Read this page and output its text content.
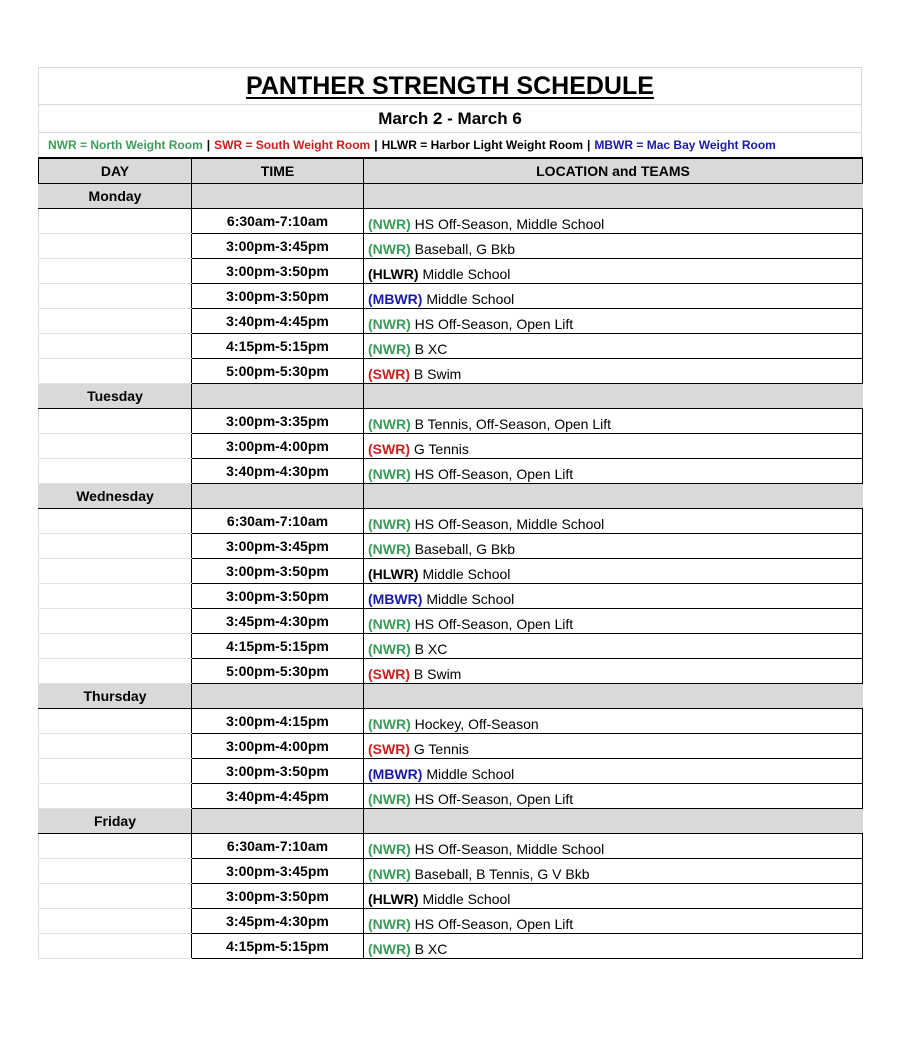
PANTHER STRENGTH SCHEDULE
March 2 - March 6
NWR = North Weight Room | SWR = South Weight Room | HLWR = Harbor Light Weight Room | MBWR = Mac Bay Weight Room
DAY	TIME	LOCATION and TEAMS
Monday		
	6:30am-7:10am	(NWR) HS Off-Season, Middle School
	3:00pm-3:45pm	(NWR) Baseball, G Bkb
	3:00pm-3:50pm	(HLWR) Middle School
	3:00pm-3:50pm	(MBWR) Middle School
	3:40pm-4:45pm	(NWR) HS Off-Season, Open Lift
	4:15pm-5:15pm	(NWR) B XC
	5:00pm-5:30pm	(SWR) B Swim
Tuesday		
	3:00pm-3:35pm	(NWR) B Tennis, Off-Season, Open Lift
	3:00pm-4:00pm	(SWR) G Tennis
	3:40pm-4:30pm	(NWR) HS Off-Season, Open Lift
Wednesday		
	6:30am-7:10am	(NWR) HS Off-Season, Middle School
	3:00pm-3:45pm	(NWR) Baseball, G Bkb
	3:00pm-3:50pm	(HLWR) Middle School
	3:00pm-3:50pm	(MBWR) Middle School
	3:45pm-4:30pm	(NWR) HS Off-Season, Open Lift
	4:15pm-5:15pm	(NWR) B XC
	5:00pm-5:30pm	(SWR) B Swim
Thursday		
	3:00pm-4:15pm	(NWR) Hockey, Off-Season
	3:00pm-4:00pm	(SWR) G Tennis
	3:00pm-3:50pm	(MBWR) Middle School
	3:40pm-4:45pm	(NWR) HS Off-Season, Open Lift
Friday		
	6:30am-7:10am	(NWR) HS Off-Season, Middle School
	3:00pm-3:45pm	(NWR) Baseball, B Tennis, G V Bkb
	3:00pm-3:50pm	(HLWR) Middle School
	3:45pm-4:30pm	(NWR) HS Off-Season, Open Lift
	4:15pm-5:15pm	(NWR) B XC
